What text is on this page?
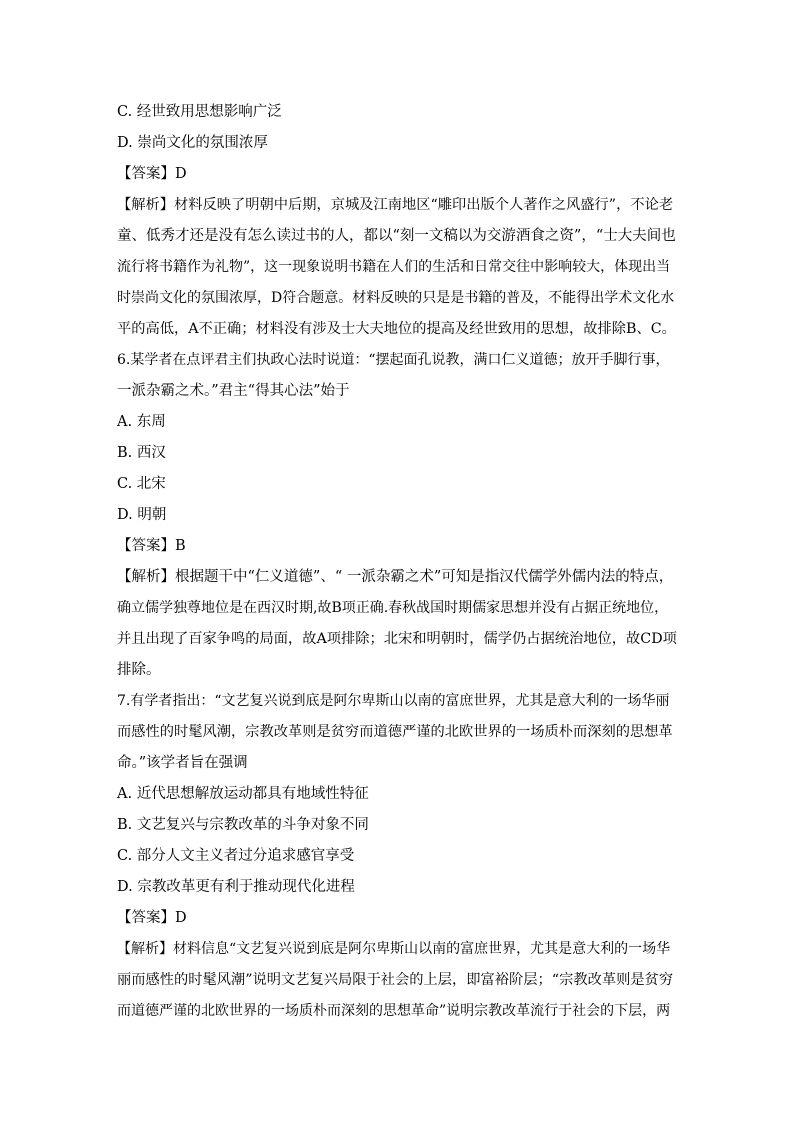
C. 经世致用思想影响广泛
D. 崇尚文化的氛围浓厚
【答案】D
【解析】材料反映了明朝中后期，京城及江南地区“雕印出版个人著作之风盛行”，不论老
童、低秀才还是没有怎么读过书的人，都以“刻一文稿以为交游酒食之资”，“士大夫间也
流行将书籍作为礼物”，这一现象说明书籍在人们的生活和日常交往中影响较大，体现出当
时崇尚文化的氛围浓厚，D符合题意。材料反映的只是是书籍的普及，不能得出学术文化水
平的高低，A不正确；材料没有涉及士大夫地位的提高及经世致用的思想，故排除B、C。
6.某学者在点评君主们执政心法时说道：“摆起面孔说教，满口仁义道德；放开手脚行事，
一派杂霸之术。”君主“得其心法”始于
A. 东周
B. 西汉
C. 北宋
D. 明朝
【答案】B
【解析】根据题干中“仁义道德”、“ 一派杂霸之术”可知是指汉代儒学外儒内法的特点，
确立儒学独尊地位是在西汉时期,故B项正确.春秋战国时期儒家思想并没有占据正统地位，
并且出现了百家争鸣的局面，故A项排除；北宋和明朝时，儒学仍占据统治地位，故CD项
排除。
7.有学者指出：“文艺复兴说到底是阿尔卑斯山以南的富庶世界，尤其是意大利的一场华丽
而感性的时髦风潮，宗教改革则是贫穷而道德严谨的北欧世界的一场质朴而深刻的思想革
命。”该学者旨在强调
A. 近代思想解放运动都具有地域性特征
B. 文艺复兴与宗教改革的斗争对象不同
C. 部分人文主义者过分追求感官享受
D. 宗教改革更有利于推动现代化进程
【答案】D
【解析】材料信息“文艺复兴说到底是阿尔卑斯山以南的富庶世界，尤其是意大利的一场华
丽而感性的时髦风潮”说明文艺复兴局限于社会的上层，即富裕阶层；“宗教改革则是贫穷
而道德严谨的北欧世界的一场质朴而深刻的思想革命”说明宗教改革流行于社会的下层，两
